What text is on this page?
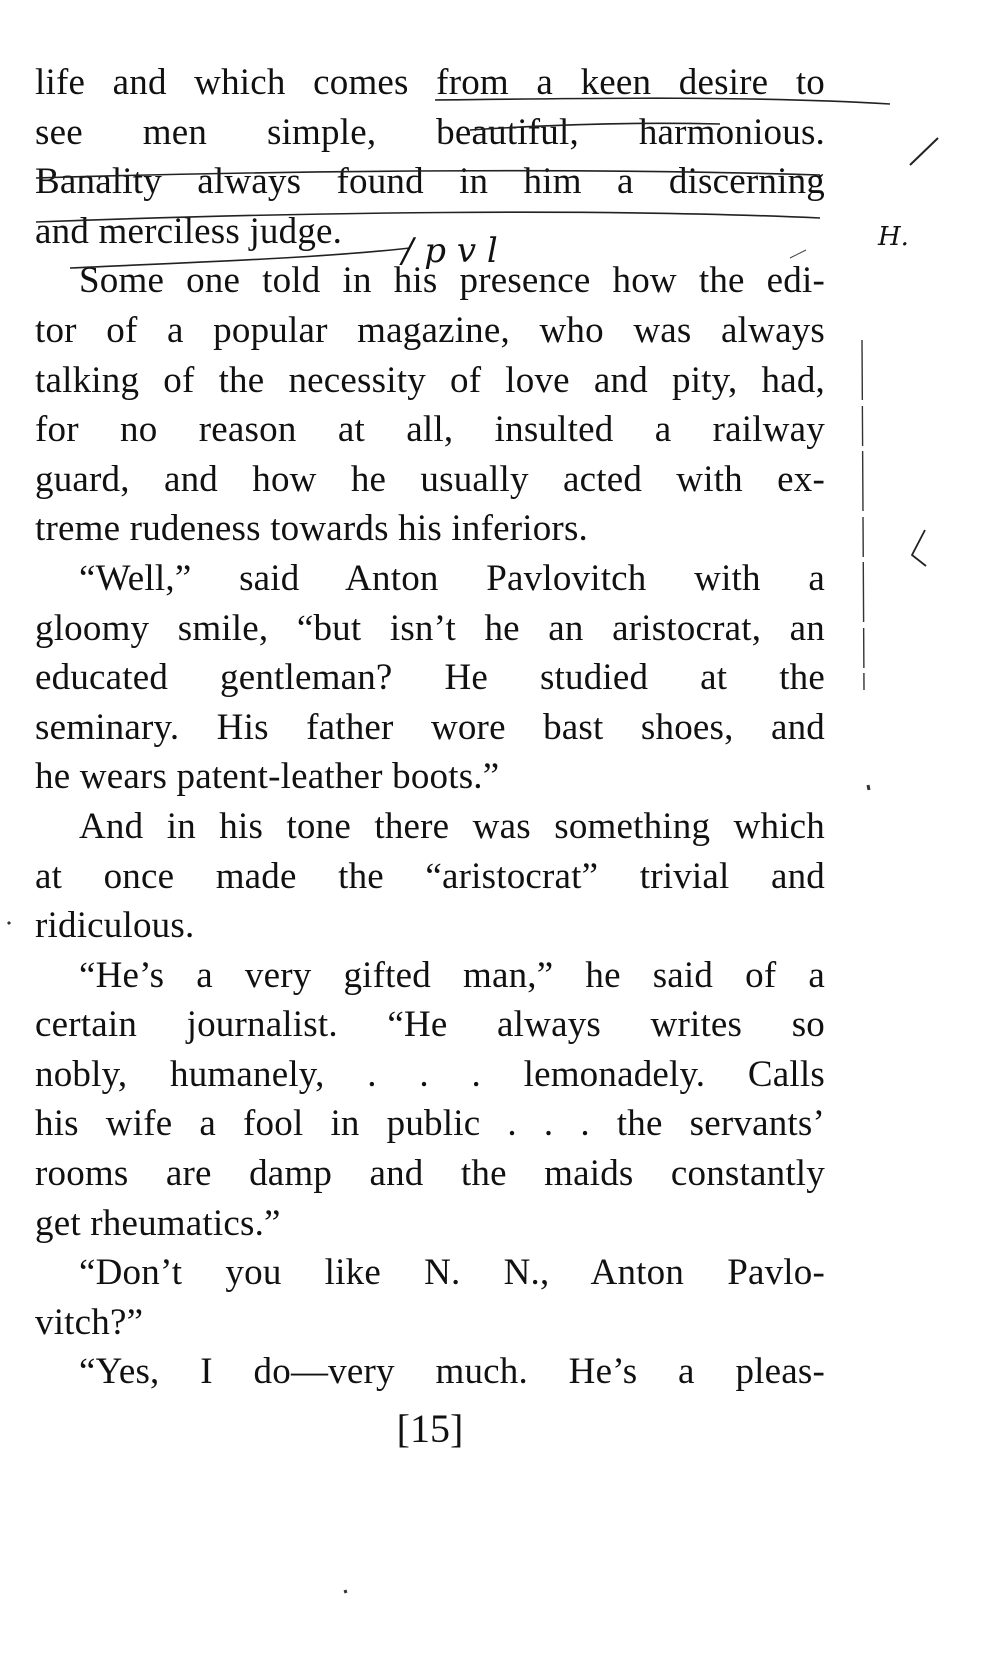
life and which comes from a keen desire to
see men simple, beautiful, harmonious.
Banality always found in him a discerning
and merciless judge.
Some one told in his presence how the edi-
tor of a popular magazine, who was always
talking of the necessity of love and pity, had,
for no reason at all, insulted a railway
guard, and how he usually acted with ex-
treme rudeness towards his inferiors.
“Well,” said Anton Pavlovitch with a
gloomy smile, “but isn’t he an aristocrat, an
educated gentleman? He studied at the
seminary. His father wore bast shoes, and
he wears patent-leather boots.”
And in his tone there was something which
at once made the “aristocrat” trivial and
ridiculous.
“He’s a very gifted man,” he said of a
certain journalist. “He always writes so
nobly, humanely, . . . lemonadely. Calls
his wife a fool in public . . . the servants’
rooms are damp and the maids constantly
get rheumatics.”
“Don’t you like N. N., Anton Pavlo-
vitch?”
“Yes, I do—very much. He’s a pleas-
[15]
H.
/ p v l
